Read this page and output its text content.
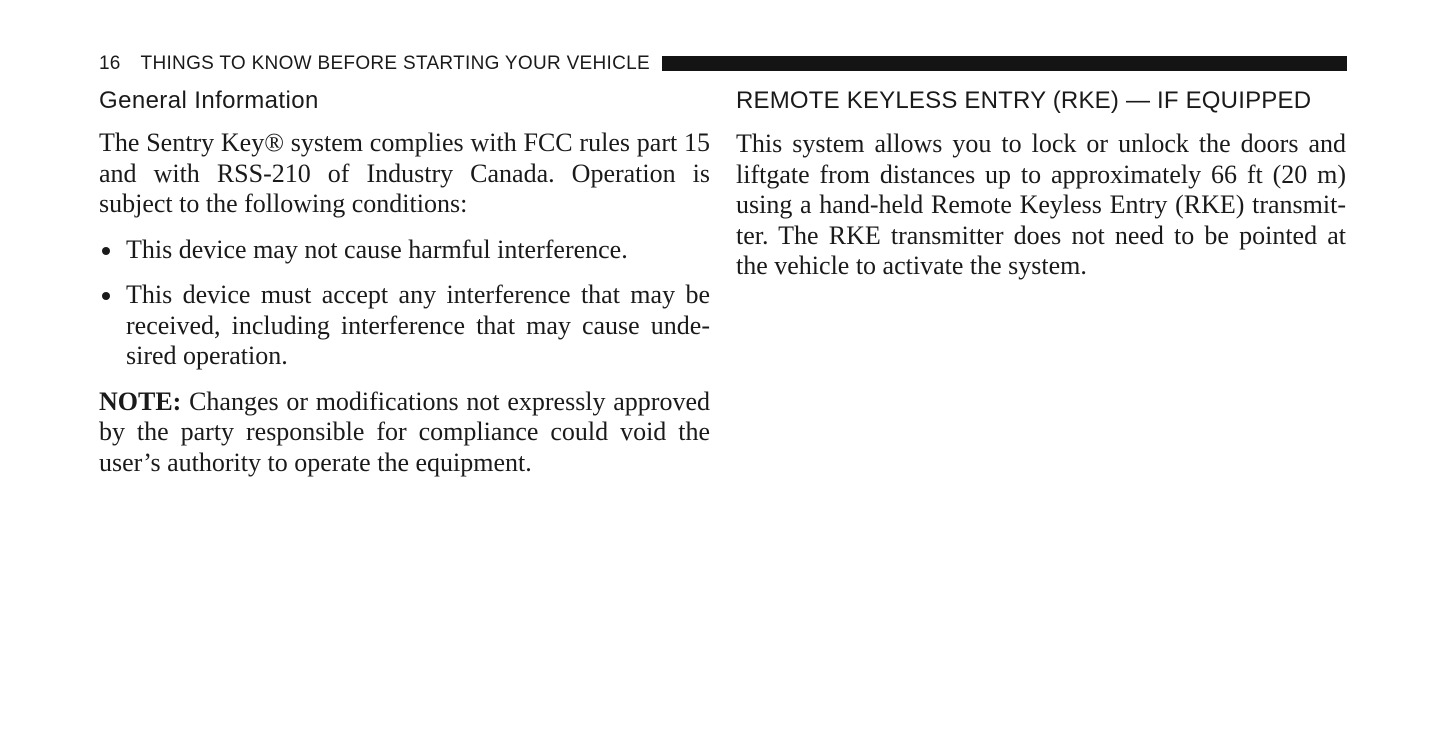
16 THINGS TO KNOW BEFORE STARTING YOUR VEHICLE
General Information

The Sentry Key® system complies with FCC rules part 15 and with RSS-210 of Industry Canada. Operation is subject to the following conditions:

This device may not cause harmful interference.
This device must accept any interference that may be received, including interference that may cause undesired operation.

NOTE: Changes or modifications not expressly approved by the party responsible for compliance could void the user’s authority to operate the equipment.

REMOTE KEYLESS ENTRY (RKE) — IF EQUIPPED

This system allows you to lock or unlock the doors and liftgate from distances up to approximately 66 ft (20 m) using a hand-held Remote Keyless Entry (RKE) transmitter. The RKE transmitter does not need to be pointed at the vehicle to activate the system.
